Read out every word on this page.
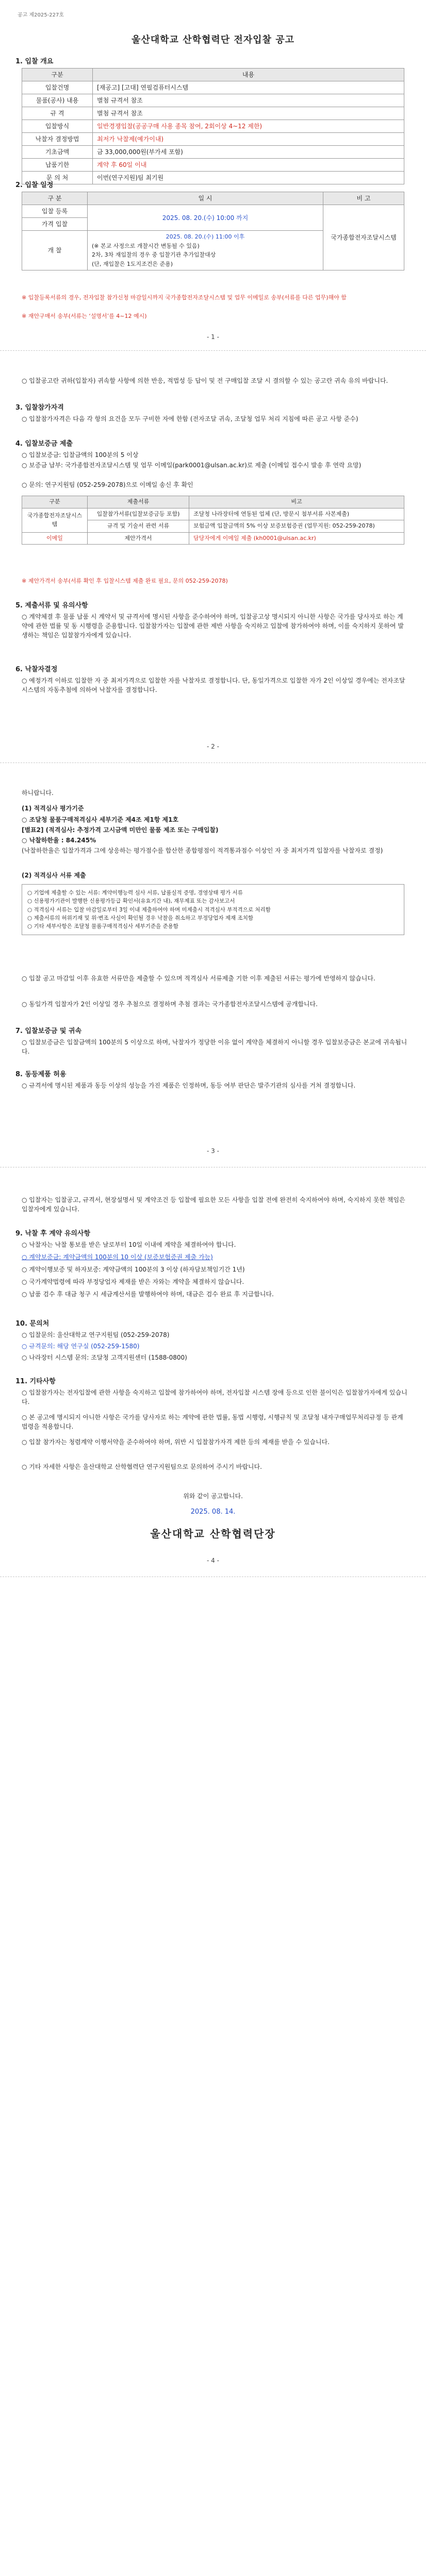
공고 제2025-227호
울산대학교 산학협력단 전자입찰 공고
1. 입찰 개요
구분	내용
입찰건명	[재공고] [고대] 연필검퓨터시스템
물품(공사) 내용	별첨 규격서 참조
규 격	별첨 규격서 참조
입찰방식	일반경쟁입찰(공공구매 사용 종목 참여, 2회이상 4~12 제한)
낙찰자 결정방법	최저가 낙찰제(예가이내)
기초금액	금 33,000,000원(부가세 포함)
납품기한	계약 후 60일 이내
문 의 처	이번(연구지원)팀 최기원
2. 입찰 일정
구 분	일 시	비 고
입찰 등록	2025. 08. 20.(수) 10:00 까지	국가종합전자조달시스템
가격 입찰		
개 찰	2025. 08. 20.(수) 11:00 이후
(※ 본교 사정으로 개찰시간 변동될 수 있음)
2차, 3차 재입찰의 경우 중 입찰기관 추가입찰대상
(단, 재입찰은 1도지조건은 준용)	
※ 입찰등록서류의 경우, 전자입찰 참가신청 마감일시까지 국가종합전자조달시스템 및 업무 이메일로 송부(서류를 다른 업무)해야 함
※ 재안구매서 송부(서류는 ‘설명서’를 4~12 예시)
- 1 -
○ 입찰공고란 귀하(입찰자) 귀속할 사항에 의한 반응, 적법성 등 답이 및 전 구매입찰 조달 시 결의할 수 있는 공고란 귀속 유의 바랍니다.
3. 입찰참가자격
○ 입찰참가자격은 다음 각 항의 요건을 모두 구비한 자에 한함 (전자조달 귀속, 조달청 업무 처리 지침에 따른 공고 사항 준수)
4. 입찰보증금 제출
○ 입찰보증금: 입찰금액의 100분의 5 이상
○ 보증금 납부: 국가종합전자조달시스템 및 업무 이메일(park0001@ulsan.ac.kr)로 제출 (이메일 접수시 발송 후 연락 요망)
○ 문의: 연구지원팀 (052-259-2078)으로 이메일 송신 후 확인
구분	제출서류	비고
국가종합전자조달시스템	입찰참가서류(입찰보증금등 포함)	조달청 나라장터에 연동된 업체 (단, 방문시 첨부서류 사본제출)
	규격 및 기술서 관련 서류	보험금액 입찰금액의 5% 이상 보증보험증권 (업무지원: 052-259-2078)
이메일	제안가격서	담당자에게 이메일 제출 (kh0001@ulsan.ac.kr)
※ 제안가격서 송부(서류 확인 후 입찰시스템 제출 완료 필요, 문의 052-259-2078)
5. 제출서류 및 유의사항
○ 계약체결 후 물품 납품 시 계약서 및 규격서에 명시된 사항을 준수하여야 하며, 입찰공고상 명시되지 아니한 사항은 국가를 당사자로 하는 계약에 관한 법률 및 동 시행령을 준용합니다. 입찰참가자는 입찰에 관한 제반 사항을 숙지하고 입찰에 참가하여야 하며, 이를 숙지하지 못하여 발생하는 책임은 입찰참가자에게 있습니다.
6. 낙찰자결정
○ 예정가격 이하로 입찰한 자 중 최저가격으로 입찰한 자를 낙찰자로 결정합니다. 단, 동일가격으로 입찰한 자가 2인 이상일 경우에는 전자조달시스템의 자동추첨에 의하여 낙찰자를 결정합니다.
- 2 -
하니랍니다.
(1) 적격심사 평가기준
○ 조달청 물품구매적격심사 세부기준 제4조 제1항 제1호
[별표2] (적격심사: 추정가격 고시금액 미만인 물품 제조 또는 구매입찰)
○ 낙찰하한율 : 84.245%
(낙찰하한율은 입찰가격과 그에 상응하는 평가점수를 합산한 종합평점이 적격통과점수 이상인 자 중 최저가격 입찰자를 낙찰자로 결정)
(2) 적격심사 서류 제출
○ 기업에 제출할 수 있는 서류: 계약이행능력 심사 서류, 납품실적 증명, 경영상태 평가 서류
○ 신용평가기관이 발행한 신용평가등급 확인서(유효기간 내), 재무제표 또는 감사보고서
○ 적격심사 서류는 입찰 마감일로부터 3일 이내 제출하여야 하며 미제출시 적격심사 부적격으로 처리함
○ 제출서류의 허위기재 및 위·변조 사실이 확인될 경우 낙찰을 취소하고 부정당업자 제재 조치함
○ 기타 세부사항은 조달청 물품구매적격심사 세부기준을 준용함
○ 입찰 공고 마감일 이후 유효한 서류만을 제출할 수 있으며 적격심사 서류제출 기한 이후 제출된 서류는 평가에 반영하지 않습니다.
○ 동일가격 입찰자가 2인 이상일 경우 추첨으로 결정하며 추첨 결과는 국가종합전자조달시스템에 공개합니다.
7. 입찰보증금 및 귀속
○ 입찰보증금은 입찰금액의 100분의 5 이상으로 하며, 낙찰자가 정당한 이유 없이 계약을 체결하지 아니할 경우 입찰보증금은 본교에 귀속됩니다.
8. 동등제품 허용
○ 규격서에 명시된 제품과 동등 이상의 성능을 가진 제품은 인정하며, 동등 여부 판단은 발주기관의 심사를 거쳐 결정합니다.
- 3 -
○ 입찰자는 입찰공고, 규격서, 현장설명서 및 계약조건 등 입찰에 필요한 모든 사항을 입찰 전에 완전히 숙지하여야 하며, 숙지하지 못한 책임은 입찰자에게 있습니다.
9. 낙찰 후 계약 유의사항
○ 낙찰자는 낙찰 통보를 받은 날로부터 10일 이내에 계약을 체결하여야 합니다.
○ 계약보증금: 계약금액의 100분의 10 이상 (보증보험증권 제출 가능)
○ 계약이행보증 및 하자보증: 계약금액의 100분의 3 이상 (하자담보책임기간 1년)
○ 국가계약법령에 따라 부정당업자 제재를 받은 자와는 계약을 체결하지 않습니다.
○ 납품 검수 후 대금 청구 시 세금계산서를 발행하여야 하며, 대금은 검수 완료 후 지급합니다.
10. 문의처
○ 입찰문의: 울산대학교 연구지원팀 (052-259-2078)
○ 규격문의: 해당 연구실 (052-259-1580)
○ 나라장터 시스템 문의: 조달청 고객지원센터 (1588-0800)
11. 기타사항
○ 입찰참가자는 전자입찰에 관한 사항을 숙지하고 입찰에 참가하여야 하며, 전자입찰 시스템 장애 등으로 인한 불이익은 입찰참가자에게 있습니다.
○ 본 공고에 명시되지 아니한 사항은 국가를 당사자로 하는 계약에 관한 법률, 동법 시행령, 시행규칙 및 조달청 내자구매업무처리규정 등 관계법령을 적용합니다.
○ 입찰 참가자는 청렴계약 이행서약을 준수하여야 하며, 위반 시 입찰참가자격 제한 등의 제재를 받을 수 있습니다.
○ 기타 자세한 사항은 울산대학교 산학협력단 연구지원팀으로 문의하여 주시기 바랍니다.
위와 같이 공고합니다.
2025. 08. 14.
울산대학교 산학협력단장
- 4 -
